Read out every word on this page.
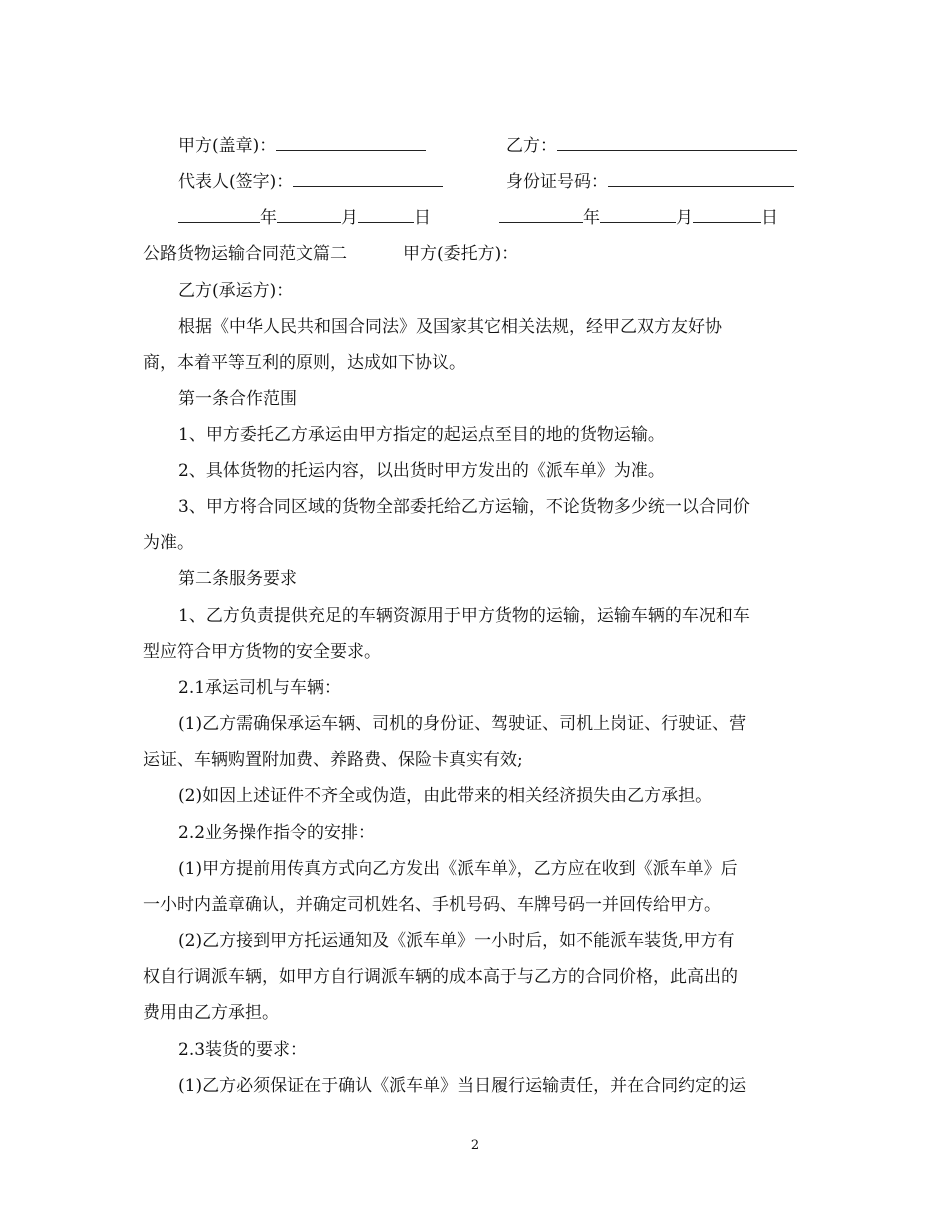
甲方(盖章)：	乙方：
代表人(签字)：	身份证号码：
年	月	日	年	月	日
公路货物运输合同范文篇二	甲方(委托方)：
乙方(承运方)：
根据《中华人民共和国合同法》及国家其它相关法规，经甲乙双方友好协
商，本着平等互利的原则，达成如下协议。
第一条合作范围
1、甲方委托乙方承运由甲方指定的起运点至目的地的货物运输。
2、具体货物的托运内容，以出货时甲方发出的《派车单》为准。
3、甲方将合同区域的货物全部委托给乙方运输，不论货物多少统一以合同价
为准。
第二条服务要求
1、乙方负责提供充足的车辆资源用于甲方货物的运输，运输车辆的车况和车
型应符合甲方货物的安全要求。
2.1承运司机与车辆：
(1)乙方需确保承运车辆、司机的身份证、驾驶证、司机上岗证、行驶证、营
运证、车辆购置附加费、养路费、保险卡真实有效;
(2)如因上述证件不齐全或伪造，由此带来的相关经济损失由乙方承担。
2.2业务操作指令的安排：
(1)甲方提前用传真方式向乙方发出《派车单》，乙方应在收到《派车单》后
一小时内盖章确认，并确定司机姓名、手机号码、车牌号码一并回传给甲方。
(2)乙方接到甲方托运通知及《派车单》一小时后，如不能派车装货,甲方有
权自行调派车辆，如甲方自行调派车辆的成本高于与乙方的合同价格，此高出的
费用由乙方承担。
2.3装货的要求：
(1)乙方必须保证在于确认《派车单》当日履行运输责任，并在合同约定的运
2
